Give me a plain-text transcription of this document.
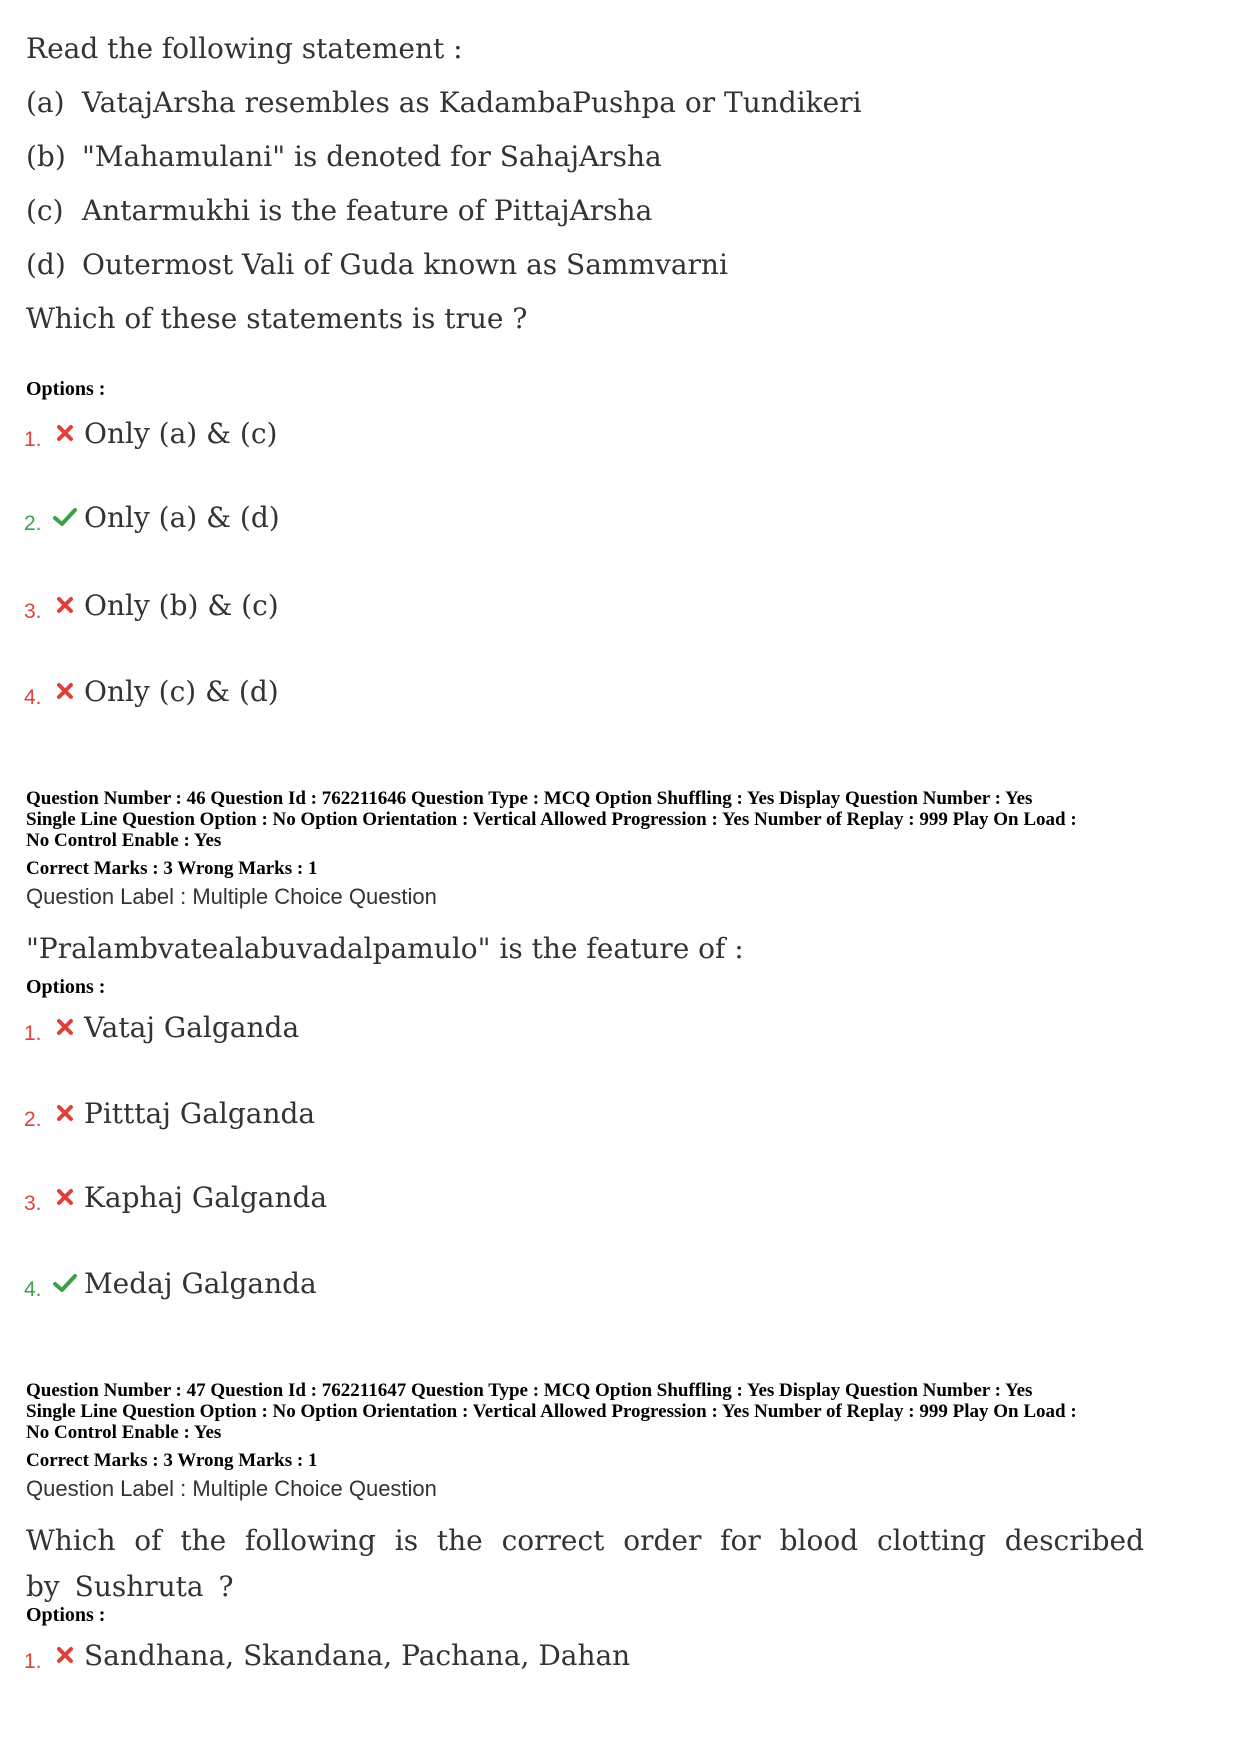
Read the following statement :
(a) VatajArsha resembles as KadambaPushpa or Tundikeri
(b) "Mahamulani" is denoted for SahajArsha
(c) Antarmukhi is the feature of PittajArsha
(d) Outermost Vali of Guda known as Sammvarni
Which of these statements is true ?
Options :
1.	Only (a) & (c)
2.	Only (a) & (d)
3.	Only (b) & (c)
4.	Only (c) & (d)
Question Number : 46 Question Id : 762211646 Question Type : MCQ Option Shuffling : Yes Display Question Number : Yes
Single Line Question Option : No Option Orientation : Vertical Allowed Progression : Yes Number of Replay : 999 Play On Load :
No Control Enable : Yes
Correct Marks : 3 Wrong Marks : 1
Question Label : Multiple Choice Question
"Pralambvatealabuvadalpamulo" is the feature of :
Options :
1.	Vataj Galganda
2.	Pitttaj Galganda
3.	Kaphaj Galganda
4.	Medaj Galganda
Question Number : 47 Question Id : 762211647 Question Type : MCQ Option Shuffling : Yes Display Question Number : Yes
Single Line Question Option : No Option Orientation : Vertical Allowed Progression : Yes Number of Replay : 999 Play On Load :
No Control Enable : Yes
Correct Marks : 3 Wrong Marks : 1
Question Label : Multiple Choice Question
Which of the following is the correct order for blood clotting described by Sushruta ?
Options :
1.	Sandhana, Skandana, Pachana, Dahan
